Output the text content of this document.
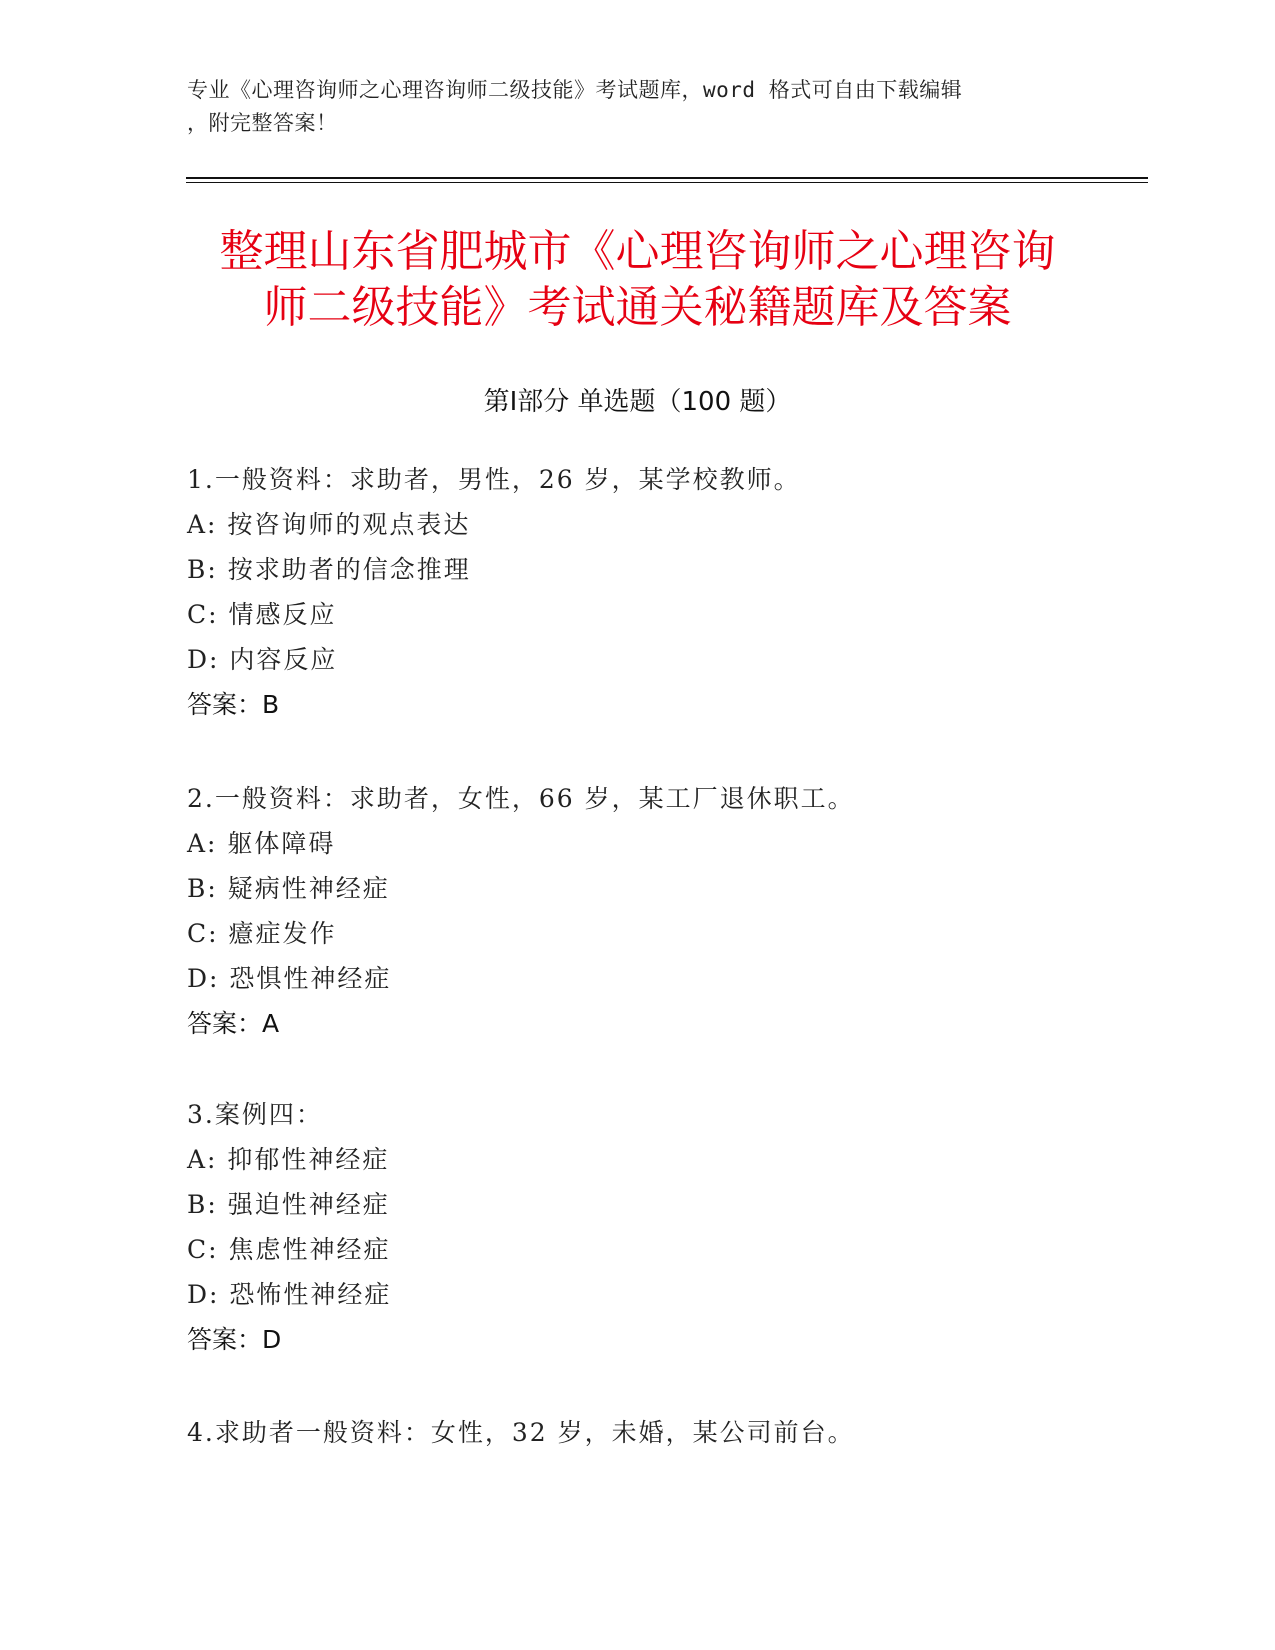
专业《心理咨询师之心理咨询师二级技能》考试题库，word 格式可自由下载编辑
，附完整答案！
整理山东省肥城市《心理咨询师之心理咨询
师二级技能》考试通关秘籍题库及答案
第Ⅰ部分 单选题（100 题）
1.一般资料：求助者，男性，26 岁，某学校教师。
A: 按咨询师的观点表达
B: 按求助者的信念推理
C: 情感反应
D: 内容反应
答案：B
2.一般资料：求助者，女性，66 岁，某工厂退休职工。
A: 躯体障碍
B: 疑病性神经症
C: 癔症发作
D: 恐惧性神经症
答案：A
3.案例四：
A: 抑郁性神经症
B: 强迫性神经症
C: 焦虑性神经症
D: 恐怖性神经症
答案：D
4.求助者一般资料：女性，32 岁，未婚，某公司前台。
